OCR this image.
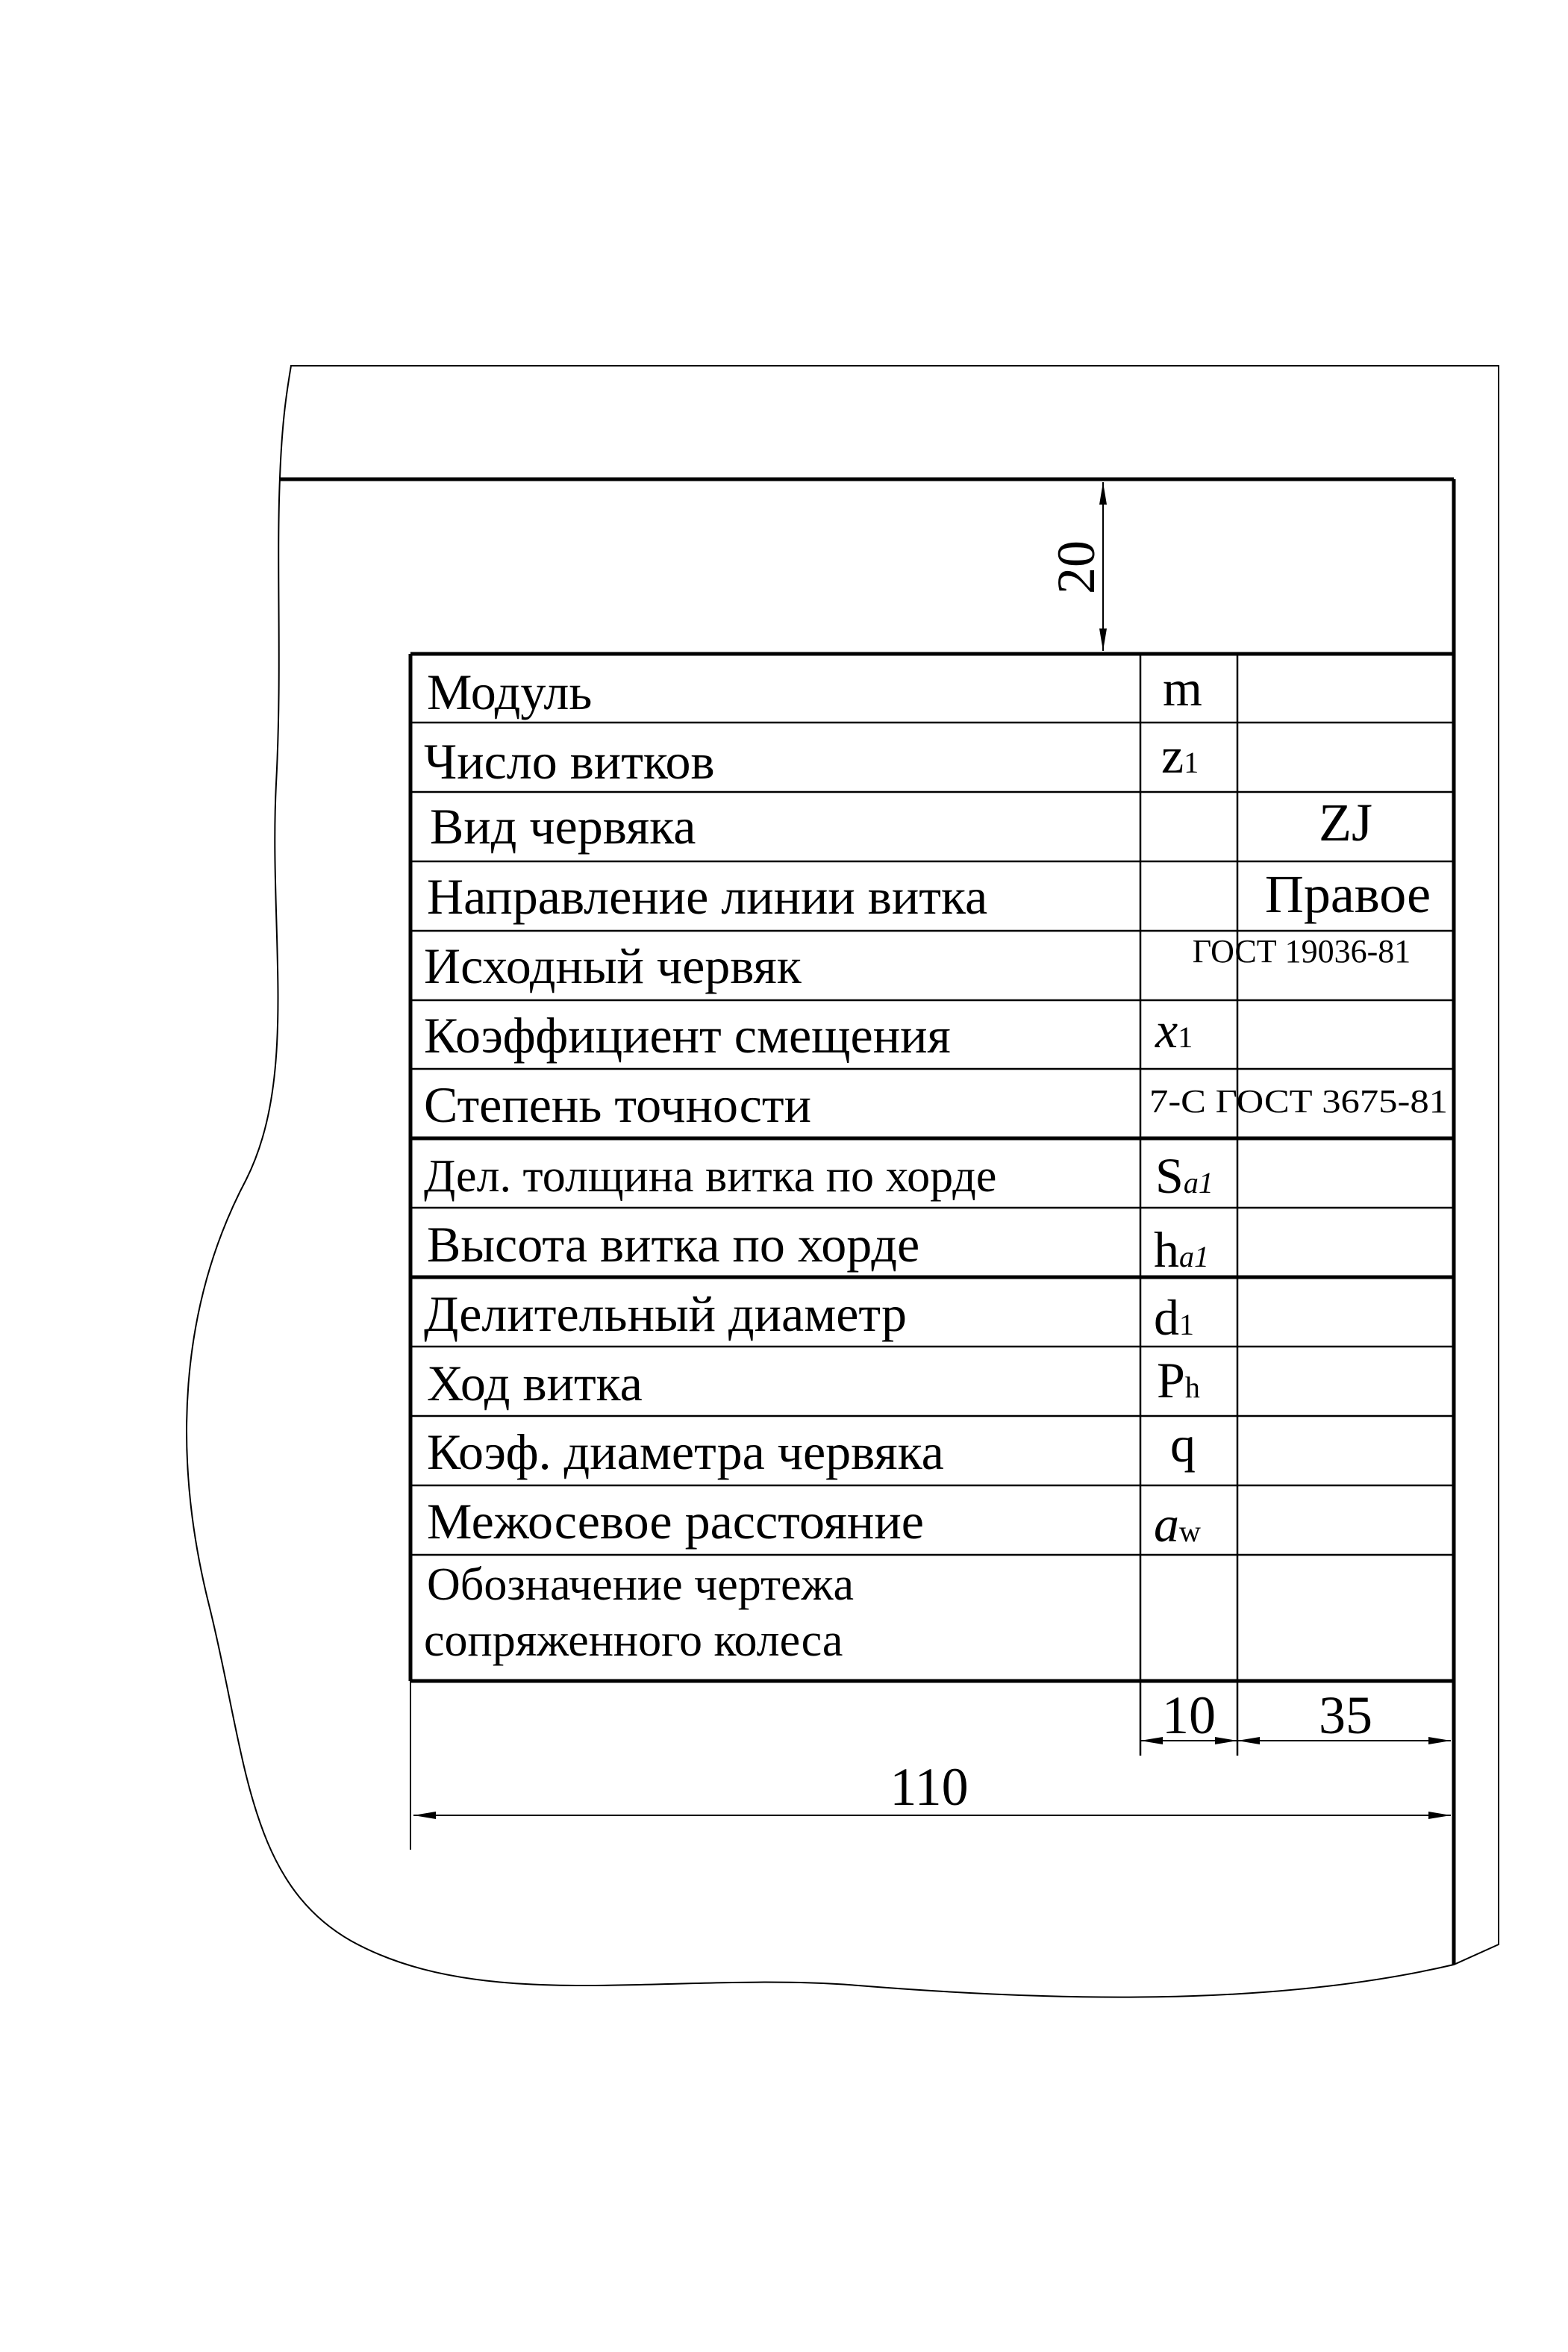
Модуль
Число витков
Вид червяка
Направление линии витка
Исходный червяк
Коэффициент смещения
Степень точности
Дел. толщина витка по хорде
Высота витка по хорде
Делительный диаметр
Ход витка
Коэф. диаметра червяка
Межосевое расстояние
Обозначение чертежа
сопряженного колеса
m
z1
x1
Sa1
ha1
d1
Ph
q
aw
ZJ
Правое
ГОСТ 19036-81
7-С ГОСТ 3675-81
20
10 35
110
